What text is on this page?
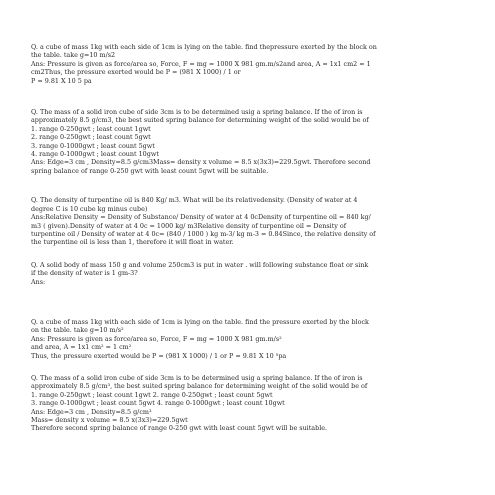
Q. a cube of mass 1kg with each side of 1cm is lying on the table. find thepressure exerted by the block on
the table. take g=10 m/s2
Ans: Pressure is given as force/area so, Force, F = mg = 1000 X 981 gm.m/s2and area, A = 1x1 cm2 = 1
cm2Thus, the pressure exerted would be P = (981 X 1000) / 1 or
P = 9.81 X 10 5 pa
Q. The mass of a solid iron cube of side 3cm is to be determined usig a spring balance. If the of iron is
approximately 8.5 g/cm3, the best suited spring balance for determining weight of the solid would be of
1. range 0-250gwt ; least count 1gwt
2. range 0-250gwt ; least count 5gwt
3. range 0-1000gwt ; least count 5gwt
4. range 0-1000gwt ; least count 10gwt
Ans: Edge=3 cm , Density=8.5 g/cm3Mass= density x volume = 8.5 x(3x3)=229.5gwt. Therefore second
spring balance of range 0-250 gwt with least count 5gwt will be suitable.
Q. The density of turpentine oil is 840 Kg/ m3. What will be its relativedensity. (Density of water at 4
degree C is 10 cube kg minus cube)
Ans:Relative Density = Density of Substance/ Density of water at 4 0cDensity of turpentine oil = 840 kg/
m3 ( given).Density of water at 4 0c = 1000 kg/ m3Relative density of turpentine oil = Density of
turpentine oil / Density of water at 4 0c= (840 / 1000 ) kg m-3/ kg m-3 = 0.84Since, the relative density of
the turpentine oil is less than 1, therefore it will float in water.
Q. A solid body of mass 150 g and volume 250cm3 is put in water . will following substance float or sink
if the density of water is 1 gm-3?
Ans:
Q. a cube of mass 1kg with each side of 1cm is lying on the table. find the pressure exerted by the block
on the table. take g=10 m/s²
Ans: Pressure is given as force/area so, Force, F = mg = 1000 X 981 gm.m/s²
and area, A = 1x1 cm² = 1 cm²
Thus, the pressure exerted would be P = (981 X 1000) / 1 or P = 9.81 X 10 ⁵pa
Q. The mass of a solid iron cube of side 3cm is to be determined usig a spring balance. If the of iron is
approximately 8.5 g/cm³, the best suited spring balance for determining weight of the solid would be of
1. range 0-250gwt ; least count 1gwt 2. range 0-250gwt ; least count 5gwt
3. range 0-1000gwt ; least count 5gwt 4. range 0-1000gwt ; least count 10gwt
Ans: Edge=3 cm , Density=8.5 g/cm³
Mass= density x volume = 8.5 x(3x3)=229.5gwt
Therefore second spring balance of range 0-250 gwt with least count 5gwt will be suitable.
